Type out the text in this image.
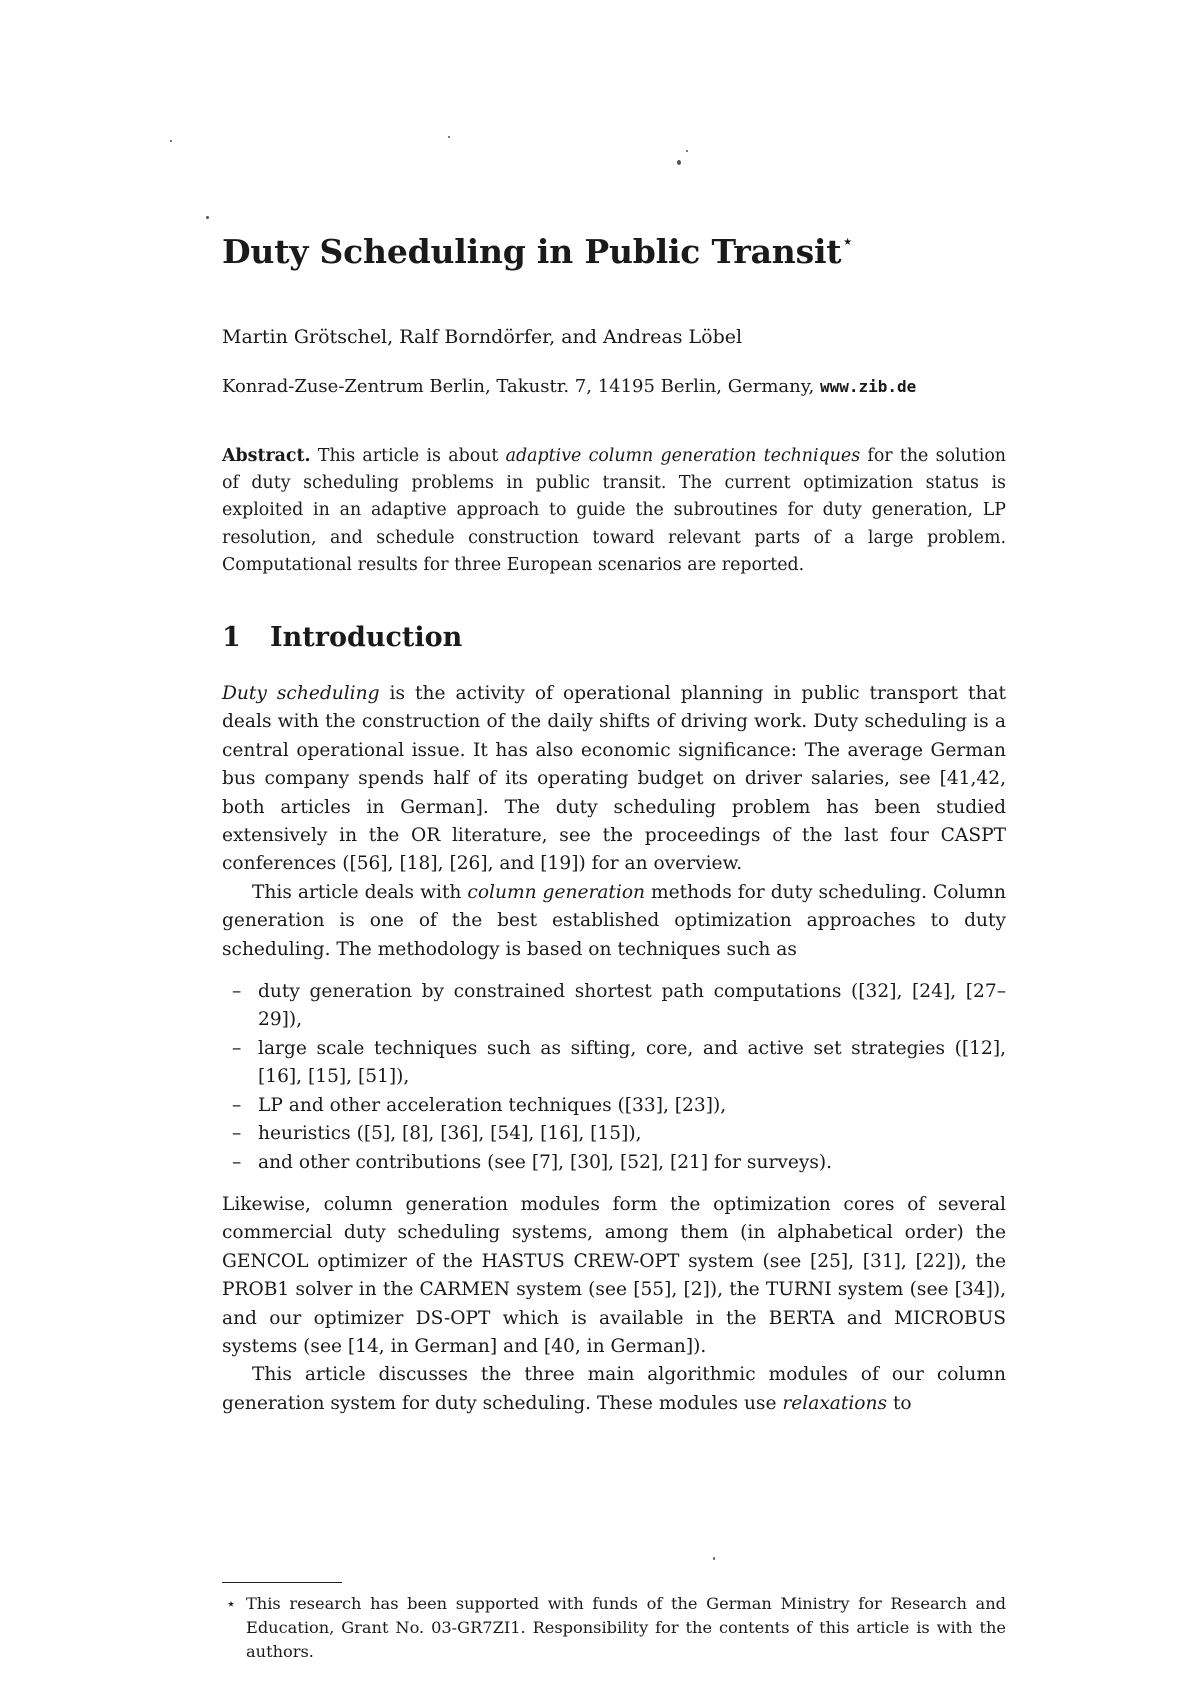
Duty Scheduling in Public Transit⋆
Martin Grötschel, Ralf Borndörfer, and Andreas Löbel
Konrad-Zuse-Zentrum Berlin, Takustr. 7, 14195 Berlin, Germany, www.zib.de

Abstract. This article is about adaptive column generation techniques for the solution of duty scheduling problems in public transit. The current optimization status is exploited in an adaptive approach to guide the subroutines for duty generation, LP resolution, and schedule construction toward relevant parts of a large problem. Computational results for three European scenarios are reported.

1 Introduction

Duty scheduling is the activity of operational planning in public transport that deals with the construction of the daily shifts of driving work. Duty scheduling is a central operational issue. It has also economic significance: The average German bus company spends half of its operating budget on driver salaries, see [41,42, both articles in German]. The duty scheduling problem has been studied extensively in the OR literature, see the proceedings of the last four CASPT conferences ([56], [18], [26], and [19]) for an overview.

This article deals with column generation methods for duty scheduling. Column generation is one of the best established optimization approaches to duty scheduling. The methodology is based on techniques such as

– duty generation by constrained shortest path computations ([32], [24], [27–29]),
– large scale techniques such as sifting, core, and active set strategies ([12], [16], [15], [51]),
– LP and other acceleration techniques ([33], [23]),
– heuristics ([5], [8], [36], [54], [16], [15]),
– and other contributions (see [7], [30], [52], [21] for surveys).

Likewise, column generation modules form the optimization cores of several commercial duty scheduling systems, among them (in alphabetical order) the GENCOL optimizer of the HASTUS CREW-OPT system (see [25], [31], [22]), the PROB1 solver in the CARMEN system (see [55], [2]), the TURNI system (see [34]), and our optimizer DS-OPT which is available in the BERTA and MICROBUS systems (see [14, in German] and [40, in German]).

This article discusses the three main algorithmic modules of our column generation system for duty scheduling. These modules use relaxations to

⋆ This research has been supported with funds of the German Ministry for Research and Education, Grant No. 03-GR7ZI1. Responsibility for the contents of this article is with the authors.
